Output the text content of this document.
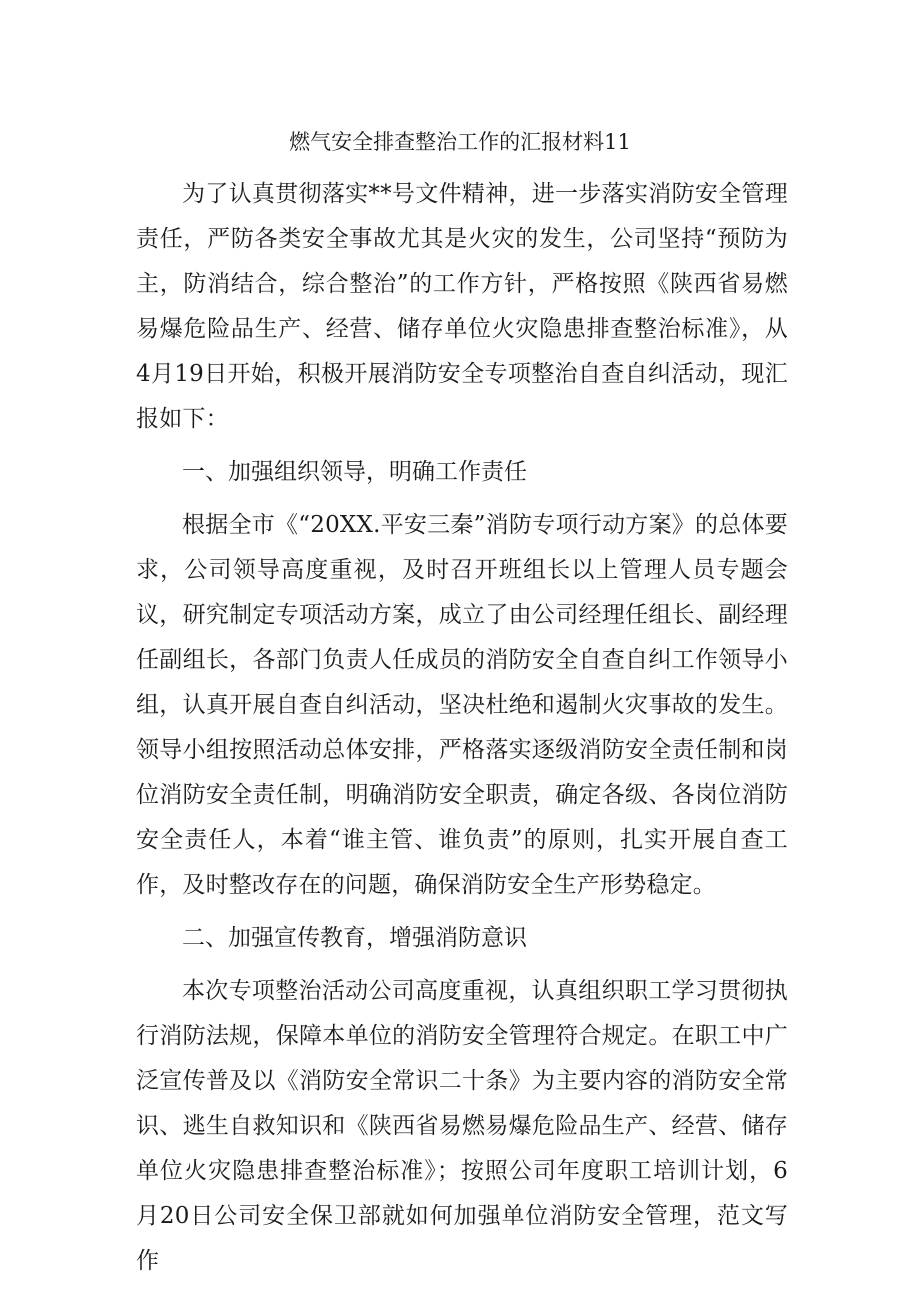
燃气安全排查整治工作的汇报材料11

为了认真贯彻落实**号文件精神，进一步落实消防安全管理责任，严防各类安全事故尤其是火灾的发生，公司坚持“预防为主，防消结合，综合整治”的工作方针，严格按照《陕西省易燃易爆危险品生产、经营、储存单位火灾隐患排查整治标准》，从4月19日开始，积极开展消防安全专项整治自查自纠活动，现汇报如下：

一、加强组织领导，明确工作责任

根据全市《“20XX.平安三秦”消防专项行动方案》的总体要求，公司领导高度重视，及时召开班组长以上管理人员专题会议，研究制定专项活动方案，成立了由公司经理任组长、副经理任副组长，各部门负责人任成员的消防安全自查自纠工作领导小组，认真开展自查自纠活动，坚决杜绝和遏制火灾事故的发生。领导小组按照活动总体安排，严格落实逐级消防安全责任制和岗位消防安全责任制，明确消防安全职责，确定各级、各岗位消防安全责任人，本着“谁主管、谁负责”的原则，扎实开展自查工作，及时整改存在的问题，确保消防安全生产形势稳定。

二、加强宣传教育，增强消防意识

本次专项整治活动公司高度重视，认真组织职工学习贯彻执行消防法规，保障本单位的消防安全管理符合规定。在职工中广泛宣传普及以《消防安全常识二十条》为主要内容的消防安全常识、逃生自救知识和《陕西省易燃易爆危险品生产、经营、储存单位火灾隐患排查整治标准》；按照公司年度职工培训计划，6月20日公司安全保卫部就如何加强单位消防安全管理，范文写作
